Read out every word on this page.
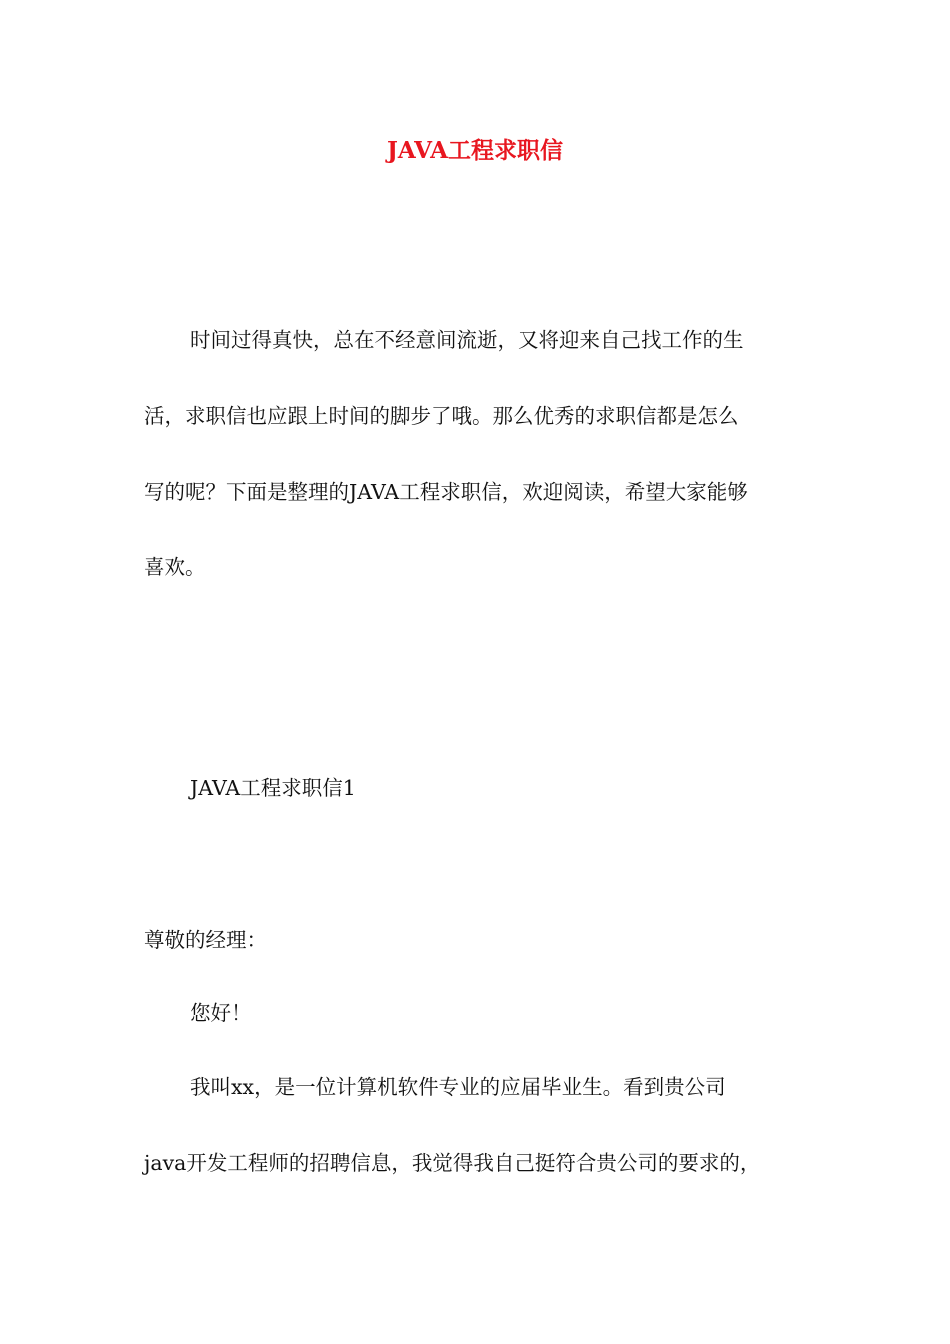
JAVA工程求职信

时间过得真快，总在不经意间流逝，又将迎来自己找工作的生

活，求职信也应跟上时间的脚步了哦。那么优秀的求职信都是怎么

写的呢？下面是整理的JAVA工程求职信，欢迎阅读，希望大家能够

喜欢。

JAVA工程求职信1

尊敬的经理：

您好！

我叫xx，是一位计算机软件专业的应届毕业生。看到贵公司

java开发工程师的招聘信息，我觉得我自己挺符合贵公司的要求的，
